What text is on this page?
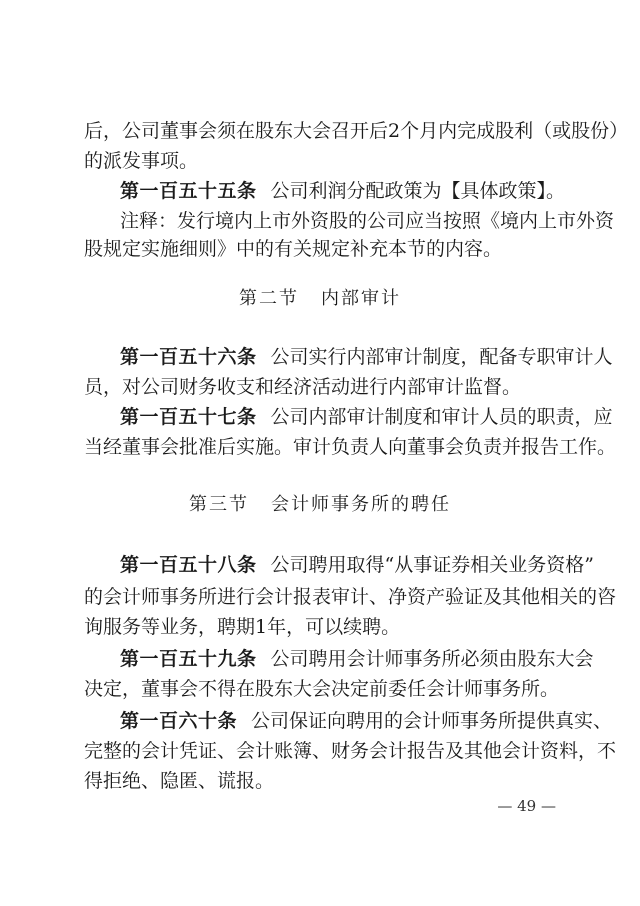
后，公司董事会须在股东大会召开后2个月内完成股利（或股份）
的派发事项。
第一百五十五条 公司利润分配政策为【具体政策】。
注释：发行境内上市外资股的公司应当按照《境内上市外资
股规定实施细则》中的有关规定补充本节的内容。
第二节 内部审计
第一百五十六条 公司实行内部审计制度，配备专职审计人
员，对公司财务收支和经济活动进行内部审计监督。
第一百五十七条 公司内部审计制度和审计人员的职责，应
当经董事会批准后实施。审计负责人向董事会负责并报告工作。
第三节 会计师事务所的聘任
第一百五十八条 公司聘用取得“从事证券相关业务资格”
的会计师事务所进行会计报表审计、净资产验证及其他相关的咨
询服务等业务，聘期1年，可以续聘。
第一百五十九条 公司聘用会计师事务所必须由股东大会
决定，董事会不得在股东大会决定前委任会计师事务所。
第一百六十条 公司保证向聘用的会计师事务所提供真实、
完整的会计凭证、会计账簿、财务会计报告及其他会计资料，不
得拒绝、隐匿、谎报。
— 49 —
